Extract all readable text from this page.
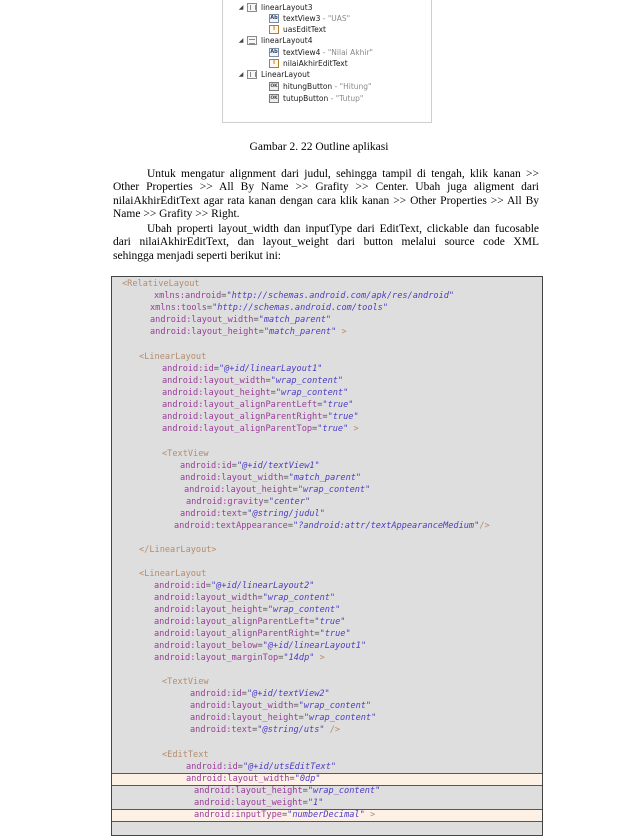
◢ linearLayout3
Ab textView3 - "UAS"
I	uasEditText
◢ linearLayout4
Ab textView4 - "Nilai Akhir"
I	nilaiAkhirEditText
◢ LinearLayout
OK hitungButton - "Hitung"
OK tutupButton - "Tutup"
Gambar 2. 22 Outline aplikasi
Untuk mengatur alignment dari judul, sehingga tampil di tengah, klik kanan >>
Other Properties >> All By Name >> Grafity >> Center. Ubah juga aligment dari
nilaiAkhirEditText agar rata kanan dengan cara klik kanan >> Other Properties >> All By
Name >> Grafity >> Right.
Ubah properti layout_width dan inputType dari EditText, clickable dan fucosable
dari nilaiAkhirEditText, dan layout_weight dari button melalui source code XML
sehingga menjadi seperti berikut ini:
<RelativeLayout
xmlns:android="http://schemas.android.com/apk/res/android"
xmlns:tools="http://schemas.android.com/tools"
android:layout_width="match_parent"
android:layout_height="match_parent" >
<LinearLayout
android:id="@+id/linearLayout1"
android:layout_width="wrap_content"
android:layout_height="wrap_content"
android:layout_alignParentLeft="true"
android:layout_alignParentRight="true"
android:layout_alignParentTop="true" >
<TextView
android:id="@+id/textView1"
android:layout_width="match_parent"
android:layout_height="wrap_content"
android:gravity="center"
android:text="@string/judul"
android:textAppearance="?android:attr/textAppearanceMedium"/>
</LinearLayout>
<LinearLayout
android:id="@+id/linearLayout2"
android:layout_width="wrap_content"
android:layout_height="wrap_content"
android:layout_alignParentLeft="true"
android:layout_alignParentRight="true"
android:layout_below="@+id/linearLayout1"
android:layout_marginTop="14dp" >
<TextView
android:id="@+id/textView2"
android:layout_width="wrap_content"
android:layout_height="wrap_content"
android:text="@string/uts" />
<EditText
android:id="@+id/utsEditText"
android:layout_width="0dp"
android:layout_height="wrap_content"
android:layout_weight="1"
android:inputType="numberDecimal" >
